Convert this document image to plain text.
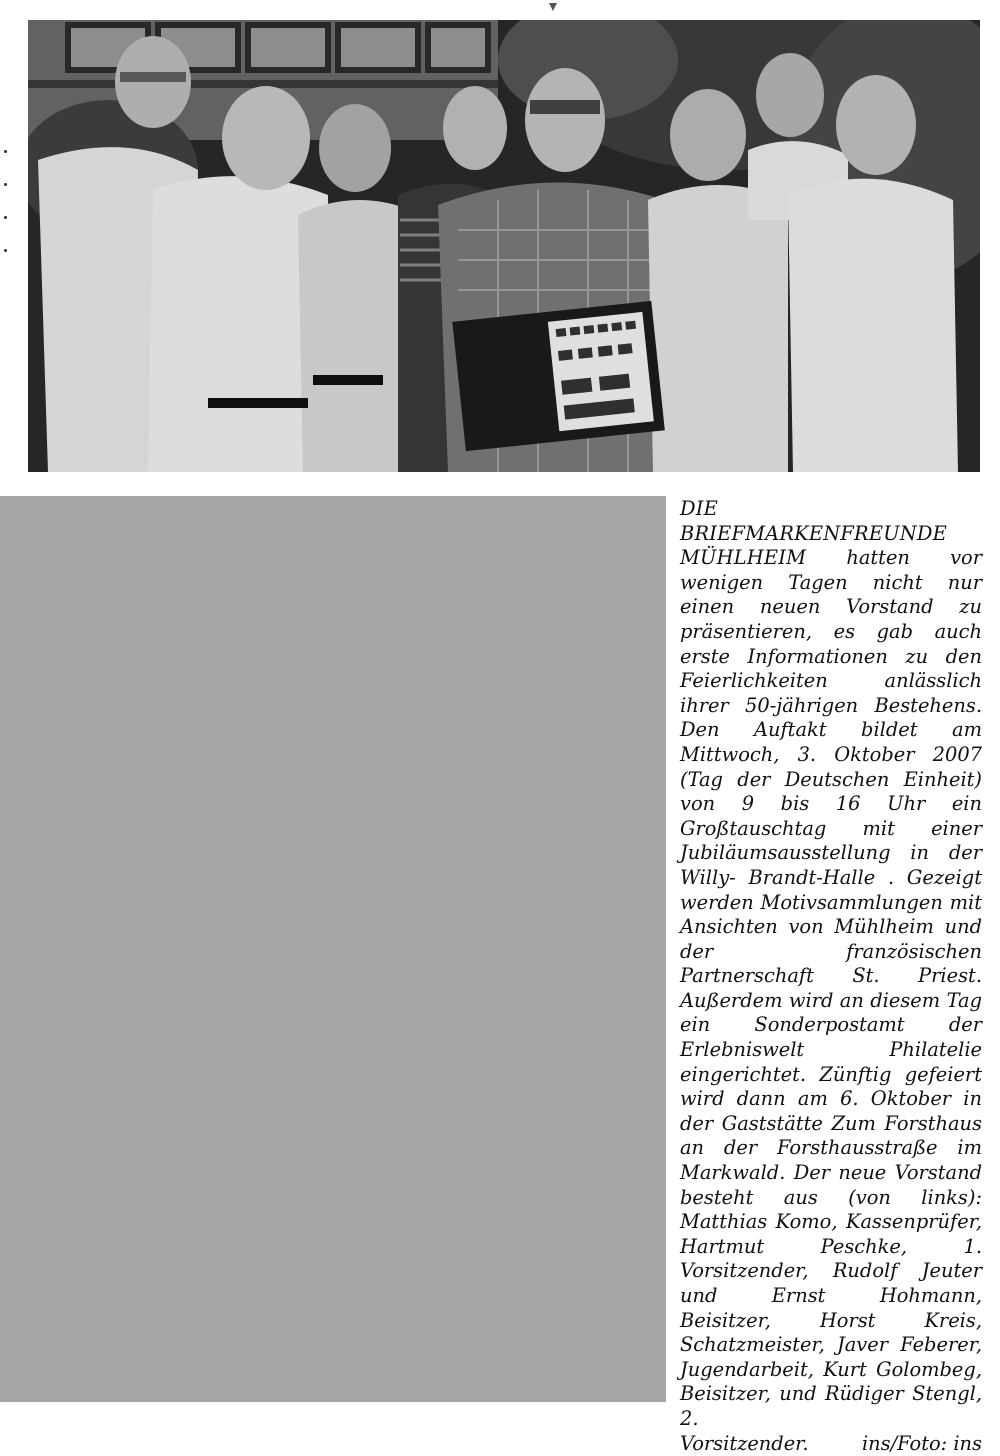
DIE BRIEFMARKENFREUNDE MÜHLHEIM hatten vor wenigen Tagen nicht nur einen neuen Vorstand zu präsentieren, es gab auch erste Informationen zu den Feierlichkeiten anlässlich ihrer 50-jährigen Bestehens. Den Auftakt bildet am Mittwoch, 3. Oktober 2007 (Tag der Deutschen Einheit) von 9 bis 16 Uhr ein Großtauschtag mit einer Jubiläumsausstellung in der Willy- Brandt-Halle . Gezeigt werden Motivsammlungen mit Ansichten von Mühlheim und der französischen Partnerschaft St. Priest. Außerdem wird an diesem Tag ein Sonderpostamt der Erlebniswelt Philatelie eingerichtet. Zünftig gefeiert wird dann am 6. Oktober in der Gaststätte Zum Forsthaus an der Forsthausstraße im Markwald. Der neue Vorstand besteht aus (von links): Matthias Komo, Kassenprüfer, Hartmut Peschke, 1. Vorsitzender, Rudolf Jeuter und Ernst Hohmann, Beisitzer, Horst Kreis, Schatzmeister, Javer Feberer, Jugendarbeit, Kurt Golombeg, Beisitzer, und Rüdiger Stengl, 2.
Vorsitzender.	ins/Foto: ins
